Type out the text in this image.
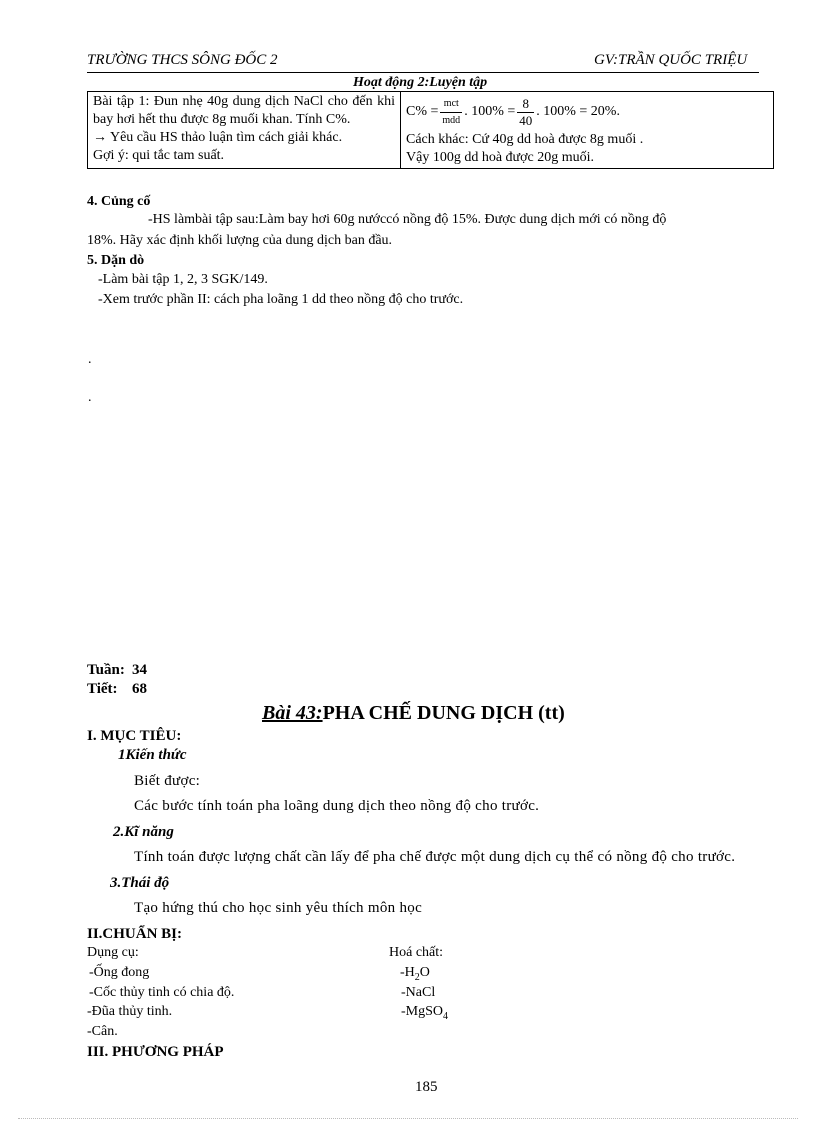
TRƯỜNG THCS SÔNG ĐỐC 2	GV:TRẦN QUỐC TRIỆU
Hoạt động 2:Luyện tập
Bài tập 1: Đun nhẹ 40g dung dịch NaCl cho đến khi bay hơi hết thu được 8g muối khan. Tính C%.
→ Yêu cầu HS thảo luận tìm cách giải khác.
Gợi ý: qui tắc tam suất.

$C\% = \frac{\text{mct}}{\text{mdd}}$ . $100\% = \frac{8}{40}$ . 100% = 20%.
Cách khác: Cứ 40g dd hoà được 8g muối .
Vậy 100g dd hoà được 20g muối.
4. Củng cố
-HS làmbài tập sau:Làm bay hơi 60g nướccó nồng độ 15%. Được dung dịch mới có nồng độ
18%. Hãy xác định khối lượng của dung dịch ban đầu.
5. Dặn dò
-Làm bài tập 1, 2, 3 SGK/149.
-Xem trước phần II: cách pha loãng 1 dd theo nồng độ cho trước.
.
.
Tuần: 34
Tiết: 68
Bài 43:PHA CHẾ DUNG DỊCH (tt)
I. MỤC TIÊU:
1Kiến thức
Biết được:
Các bước tính toán pha loãng dung dịch theo nồng độ cho trước.
2.Kĩ năng
Tính toán được lượng chất cần lấy để pha chế được một dung dịch cụ thể có nồng độ cho trước.
3.Thái độ
Tạo hứng thú cho học sinh yêu thích môn học
II.CHUẨN BỊ:
Dụng cụ:
-Ống đong
-Cốc thủy tinh có chia độ.
-Đũa thủy tinh.
-Cân.
Hoá chất:
$-H_2O$
-NaCl
-MgSO$_4$
III. PHƯƠNG PHÁP
185
